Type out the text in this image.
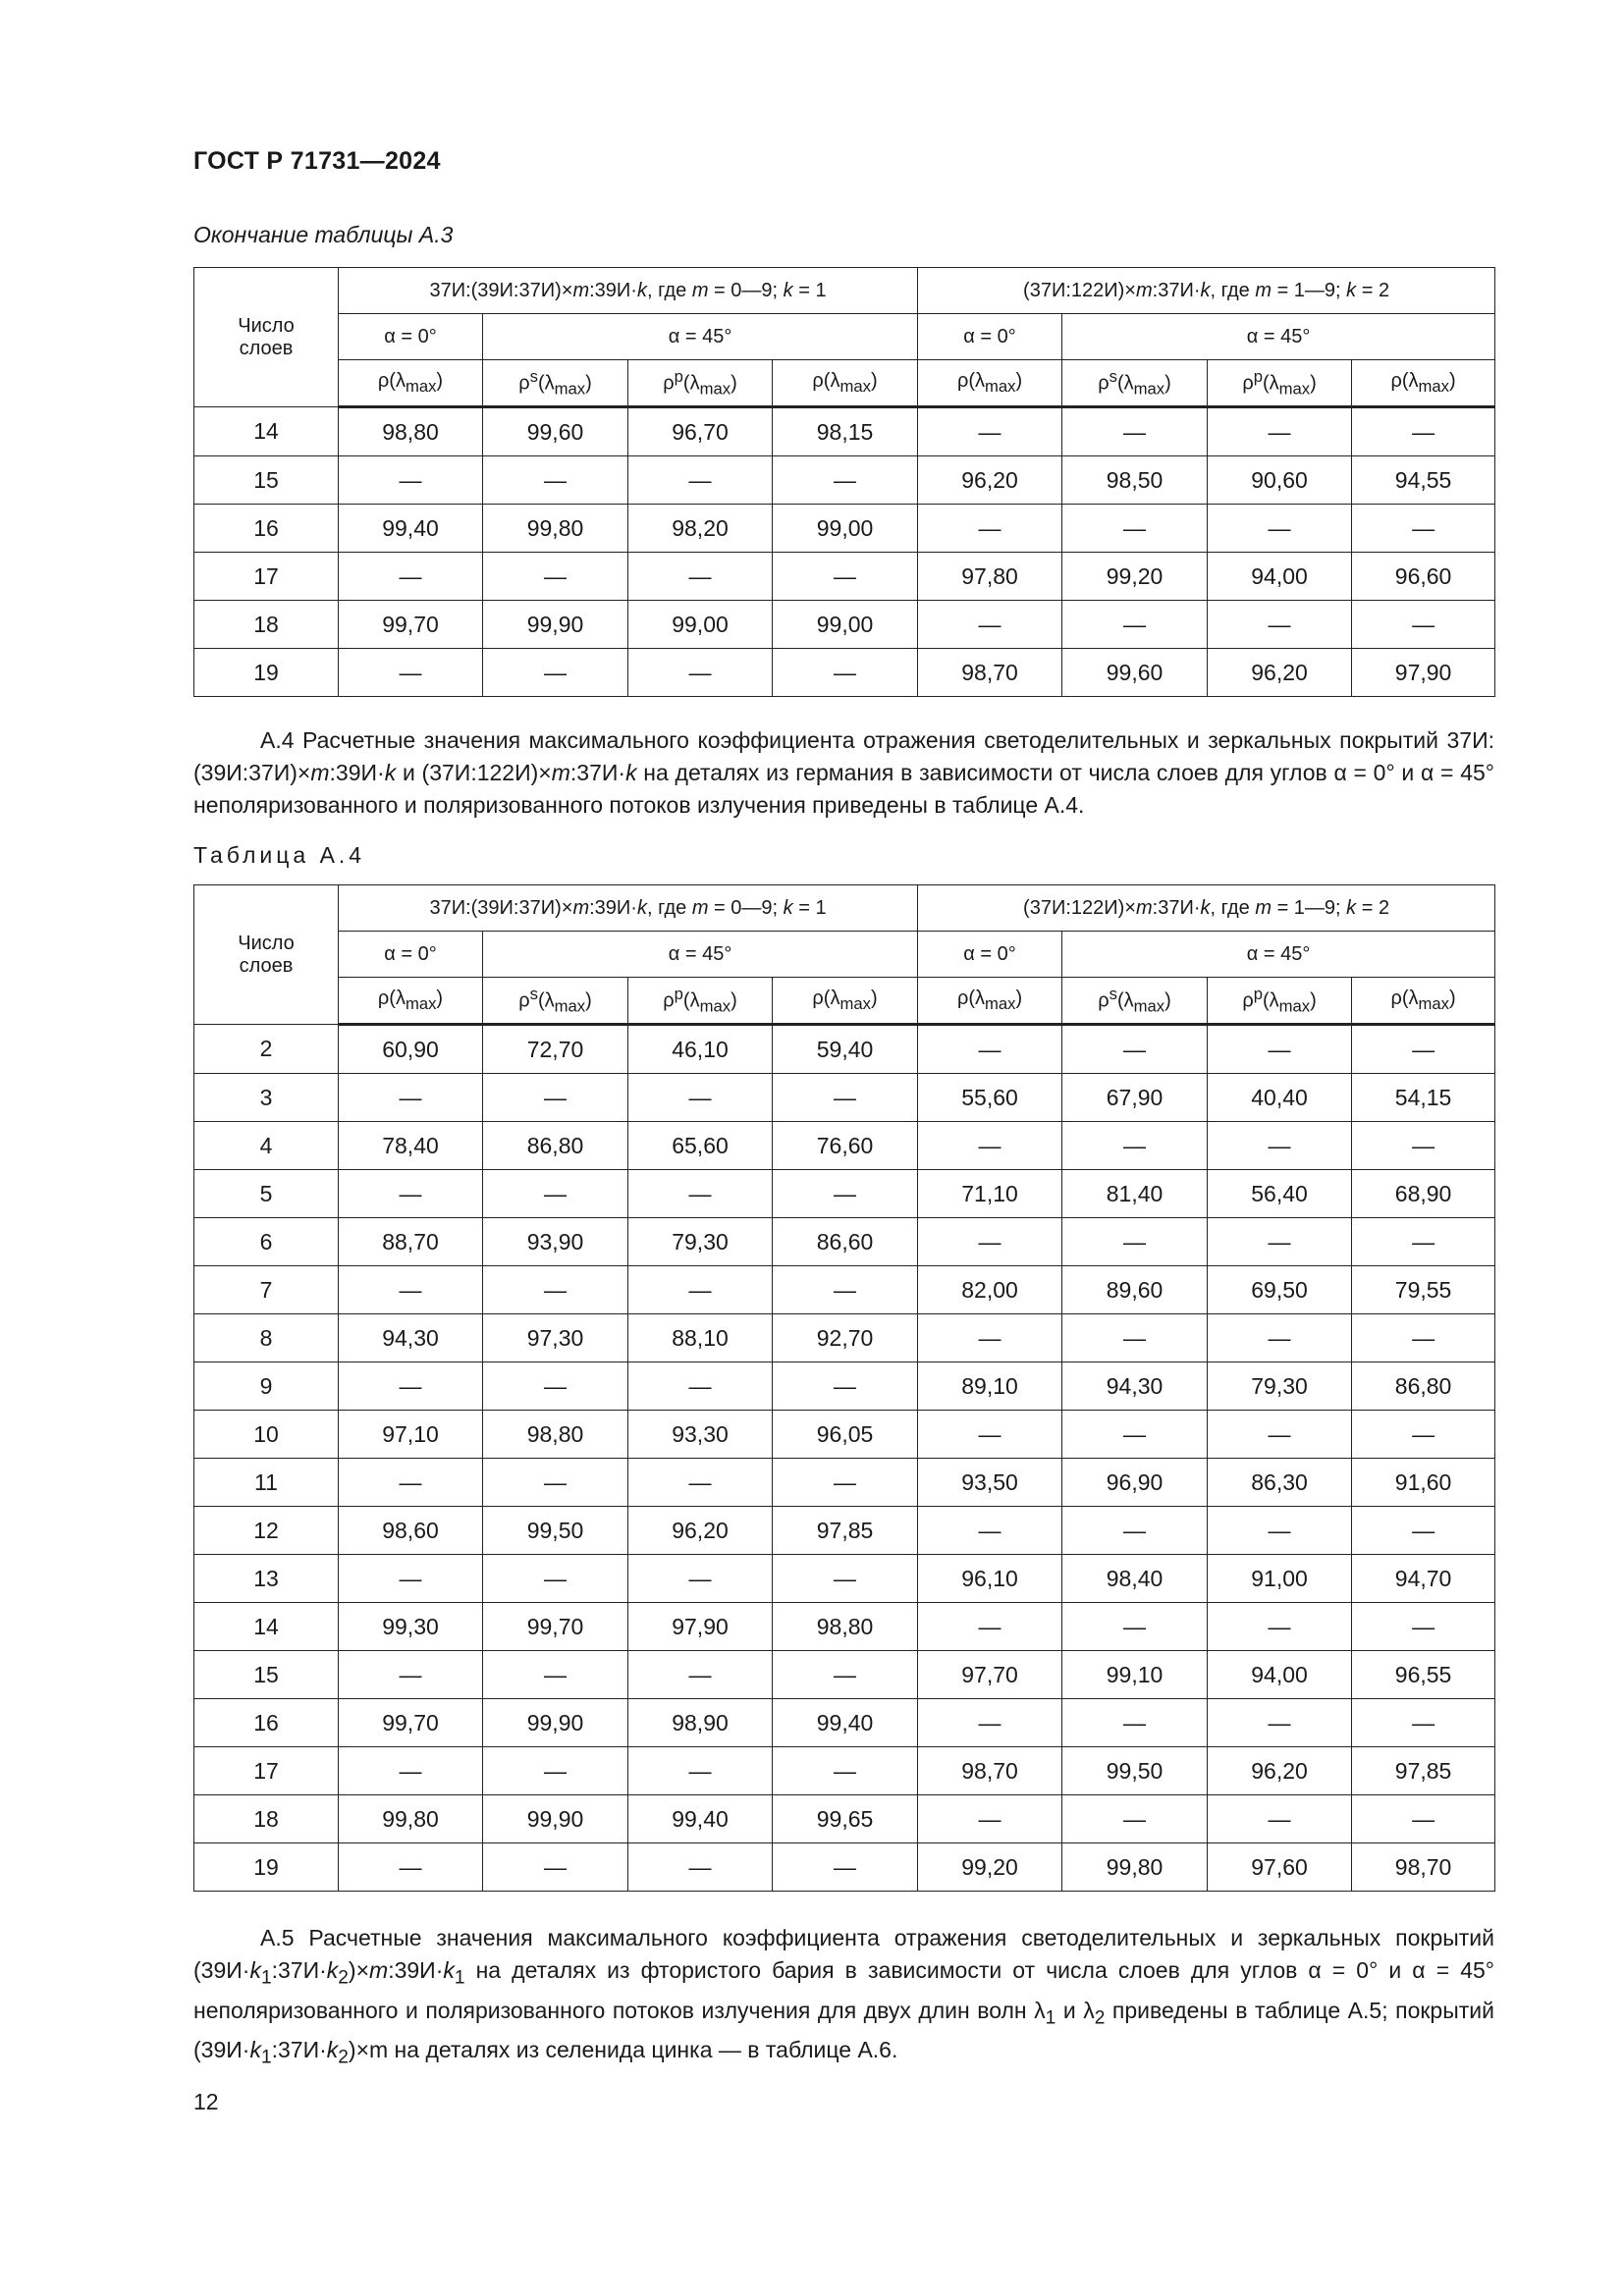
ГОСТ Р 71731—2024
Окончание таблицы А.3
Число
слоев	37И:(39И:37И)×m:39И·k, где m = 0—9; k = 1				(37И:122И)×m:37И·k, где m = 1—9; k = 2			
	α = 0°	α = 45°			α = 0°	α = 45°		
	$\rho(\lambda_{max})$	$\rho^s(\lambda_{max})$	$\rho^p(\lambda_{max})$	$\rho(\lambda_{max})$	$\rho(\lambda_{max})$	$\rho^s(\lambda_{max})$	$\rho^p(\lambda_{max})$	$\rho(\lambda_{max})$
14	98,80	99,60	96,70	98,15	—	—	—	—
15	—	—	—	—	96,20	98,50	90,60	94,55
16	99,40	99,80	98,20	99,00	—	—	—	—
17	—	—	—	—	97,80	99,20	94,00	96,60
18	99,70	99,90	99,00	99,00	—	—	—	—
19	—	—	—	—	98,70	99,60	96,20	97,90
А.4 Расчетные значения максимального коэффициента отражения светоделительных и зеркальных покрытий 37И:(39И:37И)×m:39И·k и (37И:122И)×m:37И·k на деталях из германия в зависимости от числа слоев для углов α = 0° и α = 45° неполяризованного и поляризованного потоков излучения приведены в таблице А.4.
Таблица А.4
Число
слоев	37И:(39И:37И)×m:39И·k, где m = 0—9; k = 1				(37И:122И)×m:37И·k, где m = 1—9; k = 2			
	α = 0°	α = 45°			α = 0°	α = 45°		
	$\rho(\lambda_{max})$	$\rho^s(\lambda_{max})$	$\rho^p(\lambda_{max})$	$\rho(\lambda_{max})$	$\rho(\lambda_{max})$	$\rho^s(\lambda_{max})$	$\rho^p(\lambda_{max})$	$\rho(\lambda_{max})$
2	60,90	72,70	46,10	59,40	—	—	—	—
3	—	—	—	—	55,60	67,90	40,40	54,15
4	78,40	86,80	65,60	76,60	—	—	—	—
5	—	—	—	—	71,10	81,40	56,40	68,90
6	88,70	93,90	79,30	86,60	—	—	—	—
7	—	—	—	—	82,00	89,60	69,50	79,55
8	94,30	97,30	88,10	92,70	—	—	—	—
9	—	—	—	—	89,10	94,30	79,30	86,80
10	97,10	98,80	93,30	96,05	—	—	—	—
11	—	—	—	—	93,50	96,90	86,30	91,60
12	98,60	99,50	96,20	97,85	—	—	—	—
13	—	—	—	—	96,10	98,40	91,00	94,70
14	99,30	99,70	97,90	98,80	—	—	—	—
15	—	—	—	—	97,70	99,10	94,00	96,55
16	99,70	99,90	98,90	99,40	—	—	—	—
17	—	—	—	—	98,70	99,50	96,20	97,85
18	99,80	99,90	99,40	99,65	—	—	—	—
19	—	—	—	—	99,20	99,80	97,60	98,70
А.5 Расчетные значения максимального коэффициента отражения светоделительных и зеркальных покрытий $(39И\cdot k_1:37И\cdot k_2)\times m:39И\cdot k_1$ на деталях из фтористого бария в зависимости от числа слоев для углов α = 0° и α = 45° неполяризованного и поляризованного потоков излучения для двух длин волн $\lambda_1$ и $\lambda_2$ приведены в таблице А.5; покрытий $(39И\cdot k_1:37И\cdot k_2)\times m$ на деталях из селенида цинка — в таблице А.6.
12
